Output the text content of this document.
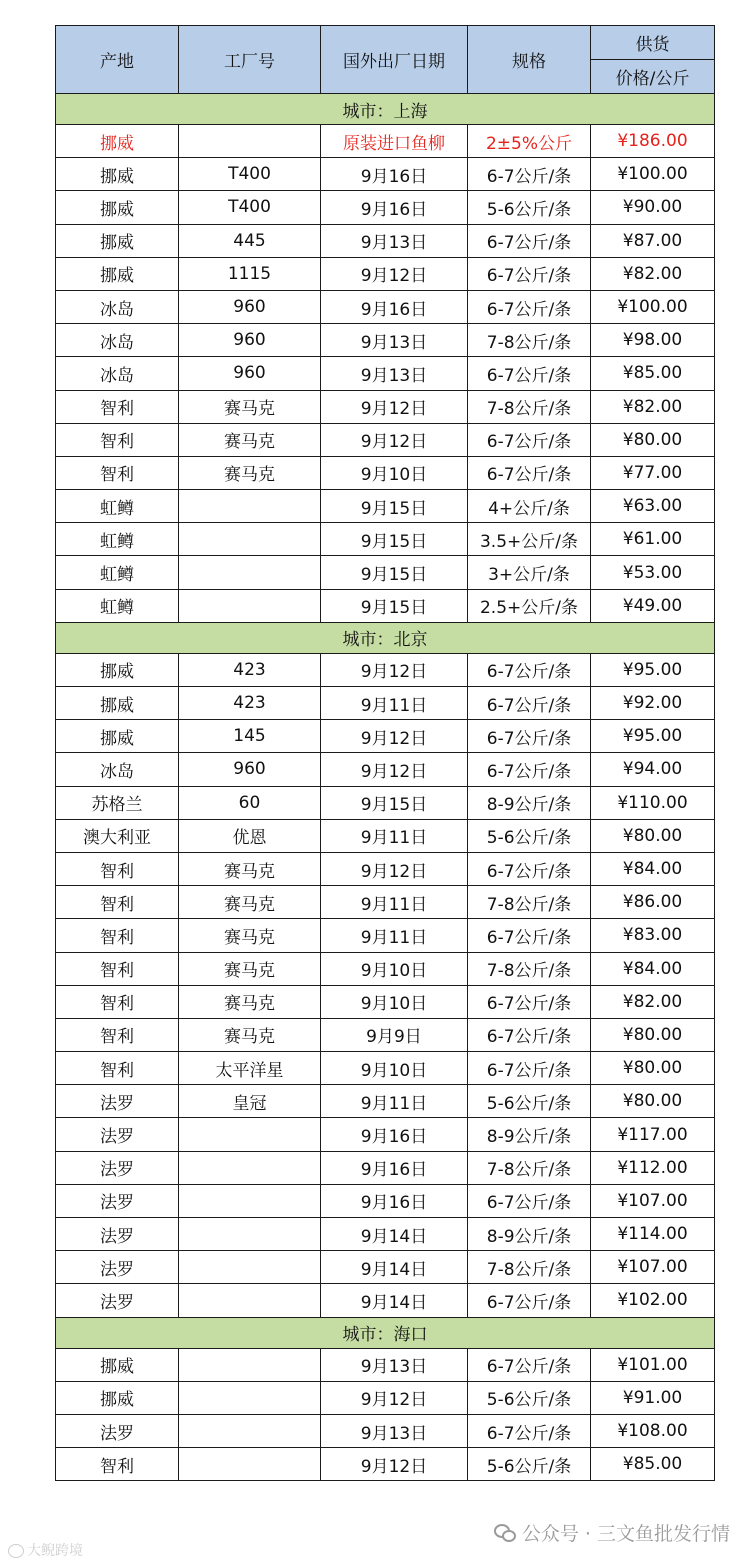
产地	工厂号	国外出厂日期	规格	供货
				价格/公斤
城市：上海				
挪威		原装进口鱼柳	2±5%公斤	¥186.00
挪威	T400	9月16日	6-7公斤/条	¥100.00
挪威	T400	9月16日	5-6公斤/条	¥90.00
挪威	445	9月13日	6-7公斤/条	¥87.00
挪威	1115	9月12日	6-7公斤/条	¥82.00
冰岛	960	9月16日	6-7公斤/条	¥100.00
冰岛	960	9月13日	7-8公斤/条	¥98.00
冰岛	960	9月13日	6-7公斤/条	¥85.00
智利	赛马克	9月12日	7-8公斤/条	¥82.00
智利	赛马克	9月12日	6-7公斤/条	¥80.00
智利	赛马克	9月10日	6-7公斤/条	¥77.00
虹鳟		9月15日	4+公斤/条	¥63.00
虹鳟		9月15日	3.5+公斤/条	¥61.00
虹鳟		9月15日	3+公斤/条	¥53.00
虹鳟		9月15日	2.5+公斤/条	¥49.00
城市：北京				
挪威	423	9月12日	6-7公斤/条	¥95.00
挪威	423	9月11日	6-7公斤/条	¥92.00
挪威	145	9月12日	6-7公斤/条	¥95.00
冰岛	960	9月12日	6-7公斤/条	¥94.00
苏格兰	60	9月15日	8-9公斤/条	¥110.00
澳大利亚	优恩	9月11日	5-6公斤/条	¥80.00
智利	赛马克	9月12日	6-7公斤/条	¥84.00
智利	赛马克	9月11日	7-8公斤/条	¥86.00
智利	赛马克	9月11日	6-7公斤/条	¥83.00
智利	赛马克	9月10日	7-8公斤/条	¥84.00
智利	赛马克	9月10日	6-7公斤/条	¥82.00
智利	赛马克	9月9日	6-7公斤/条	¥80.00
智利	太平洋星	9月10日	6-7公斤/条	¥80.00
法罗	皇冠	9月11日	5-6公斤/条	¥80.00
法罗		9月16日	8-9公斤/条	¥117.00
法罗		9月16日	7-8公斤/条	¥112.00
法罗		9月16日	6-7公斤/条	¥107.00
法罗		9月14日	8-9公斤/条	¥114.00
法罗		9月14日	7-8公斤/条	¥107.00
法罗		9月14日	6-7公斤/条	¥102.00
城市：海口				
挪威		9月13日	6-7公斤/条	¥101.00
挪威		9月12日	5-6公斤/条	¥91.00
法罗		9月13日	6-7公斤/条	¥108.00
智利		9月12日	5-6公斤/条	¥85.00
大鲵跨境
公众号 · 三文鱼批发行情
